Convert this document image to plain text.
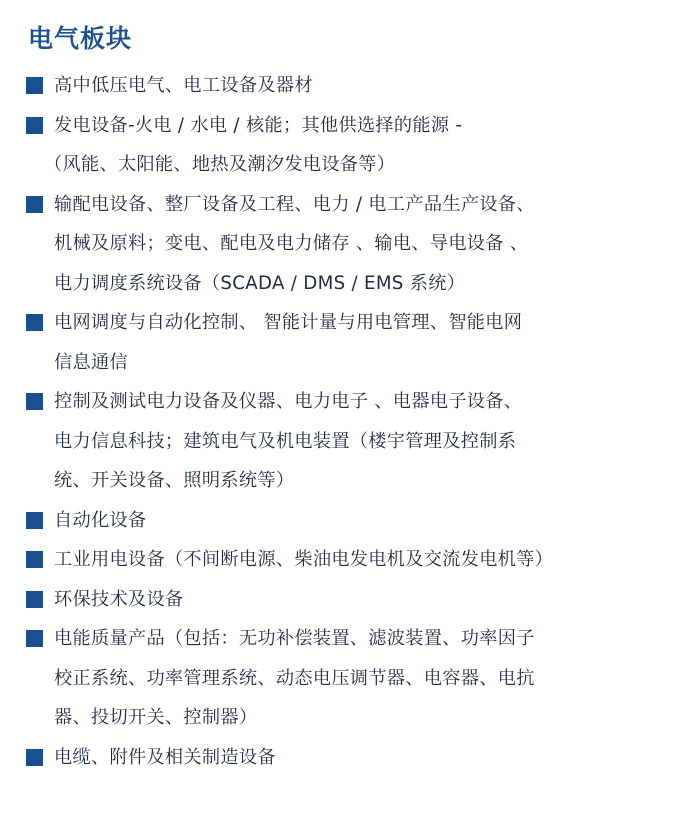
电气板块
高中低压电气、电工设备及器材
发电设备-火电 / 水电 / 核能；其他供选择的能源 -
（风能、太阳能、地热及潮汐发电设备等）
输配电设备、整厂设备及工程、电力 / 电工产品生产设备、
机械及原料；变电、配电及电力储存 、输电、导电设备 、
电力调度系统设备（SCADA / DMS / EMS 系统）
电网调度与自动化控制、 智能计量与用电管理、智能电网
信息通信
控制及测试电力设备及仪器、电力电子 、电器电子设备、
电力信息科技；建筑电气及机电装置（楼宇管理及控制系
统、开关设备、照明系统等）
自动化设备
工业用电设备（不间断电源、柴油电发电机及交流发电机等）
环保技术及设备
电能质量产品（包括：无功补偿装置、滤波装置、功率因子
校正系统、功率管理系统、动态电压调节器、电容器、电抗
器、投切开关、控制器）
电缆、附件及相关制造设备
